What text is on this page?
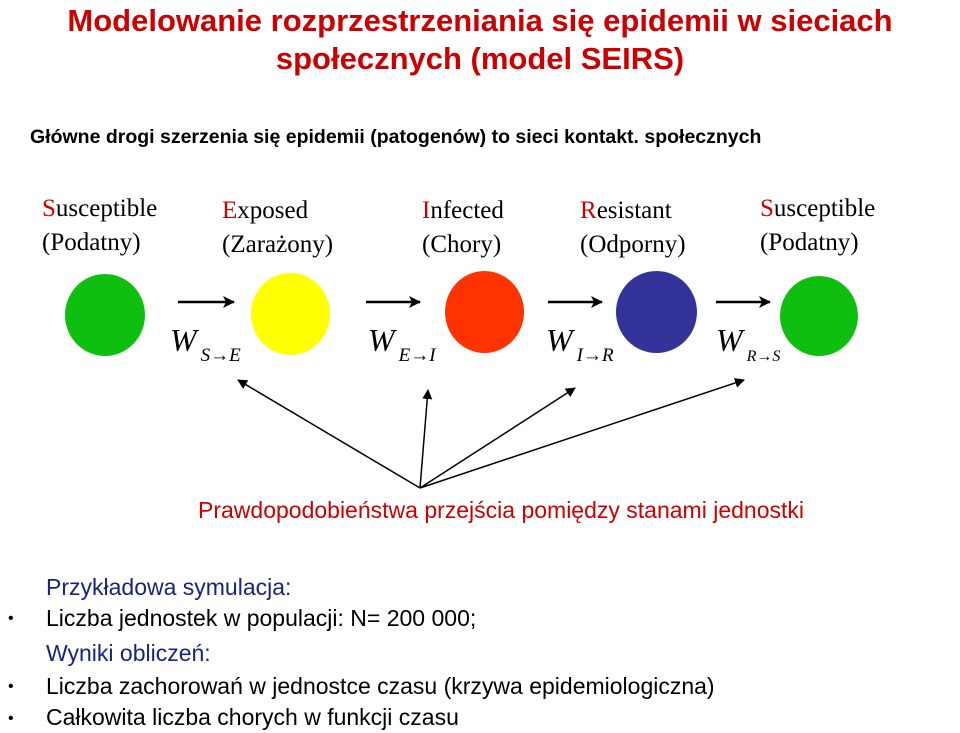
Modelowanie rozprzestrzeniania się epidemii w sieciach
społecznych (model SEIRS)
Główne drogi szerzenia się epidemii (patogenów) to sieci kontakt. społecznych
Susceptible
(Podatny)
Exposed
(Zarażony)
Infected
(Chory)
Resistant
(Odporny)
Susceptible
(Podatny)
W S→E	W E→I	W I→R	W R→S
Prawdopodobieństwa przejścia pomiędzy stanami jednostki
Przykładowa symulacja:
• Liczba jednostek w populacji: N= 200 000;
Wyniki obliczeń:
• Liczba zachorowań w jednostce czasu (krzywa epidemiologiczna)
• Całkowita liczba chorych w funkcji czasu
